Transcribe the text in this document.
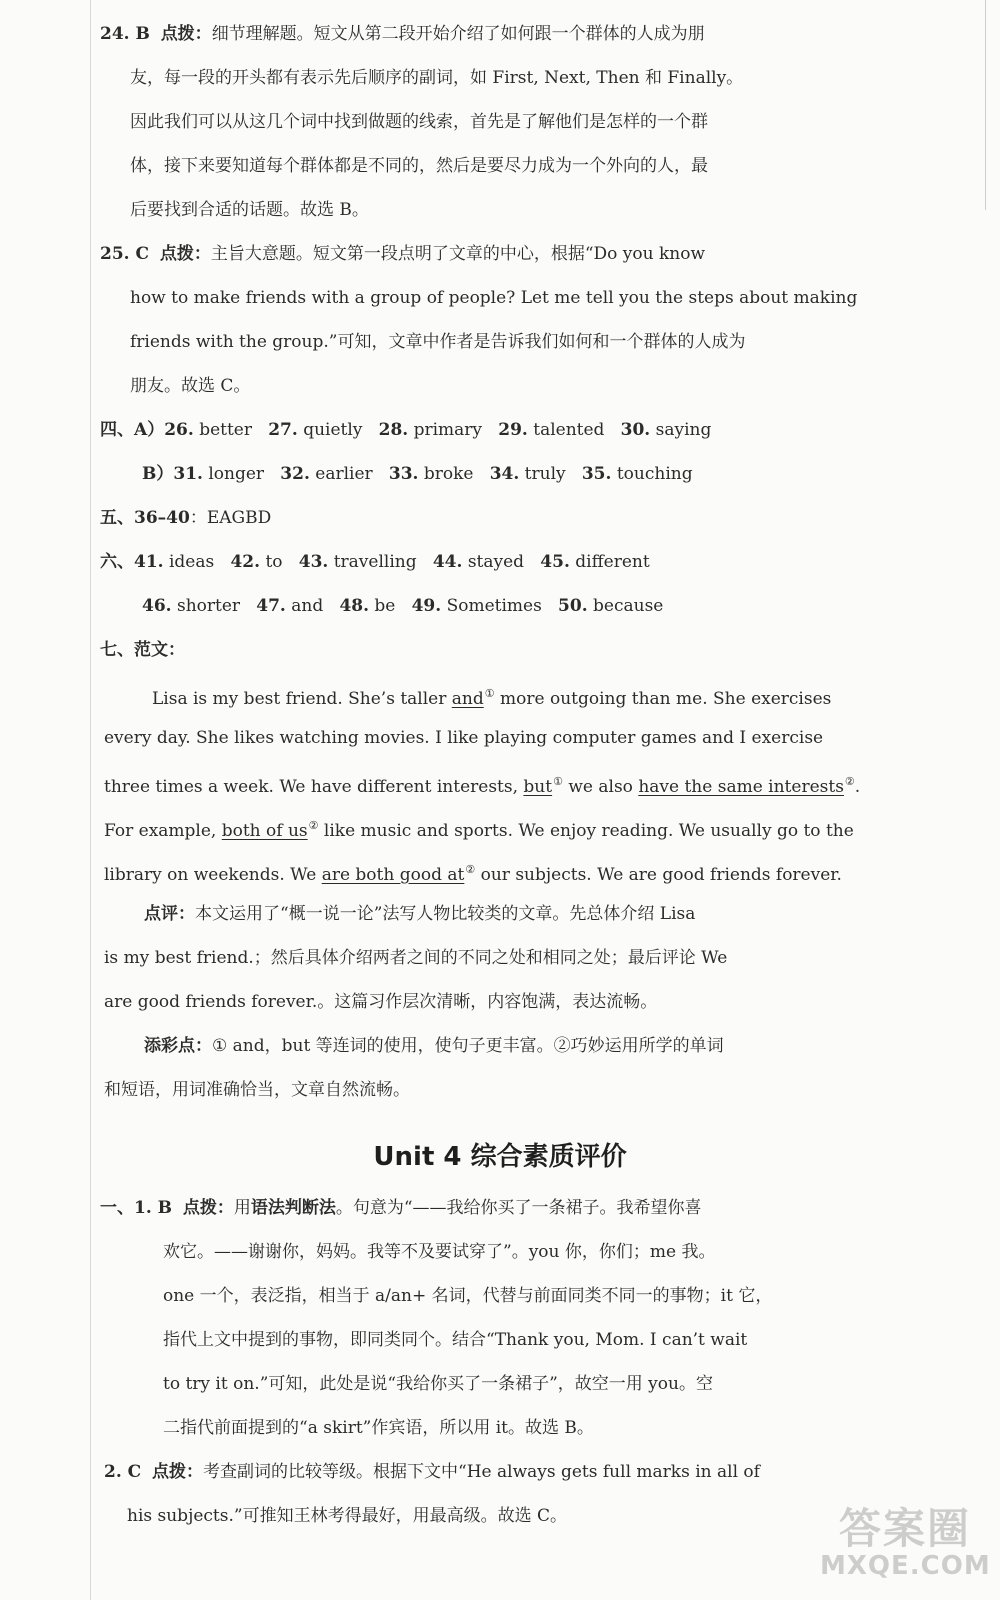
24. B 点拨：细节理解题。短文从第二段开始介绍了如何跟一个群体的人成为朋
友，每一段的开头都有表示先后顺序的副词，如 First, Next, Then 和 Finally。
因此我们可以从这几个词中找到做题的线索，首先是了解他们是怎样的一个群
体，接下来要知道每个群体都是不同的，然后是要尽力成为一个外向的人，最
后要找到合适的话题。故选 B。
25. C 点拨：主旨大意题。短文第一段点明了文章的中心，根据“Do you know
how to make friends with a group of people? Let me tell you the steps about making
friends with the group.”可知，文章中作者是告诉我们如何和一个群体的人成为
朋友。故选 C。
四、A）26. better 27. quietly 28. primary 29. talented 30. saying
B）31. longer 32. earlier 33. broke 34. truly 35. touching
五、36–40：EAGBD
六、41. ideas 42. to 43. travelling 44. stayed 45. different
46. shorter 47. and 48. be 49. Sometimes 50. because
七、范文：
Lisa is my best friend. She’s taller and① more outgoing than me. She exercises
every day. She likes watching movies. I like playing computer games and I exercise
three times a week. We have different interests, but① we also have the same interests②.
For example, both of us② like music and sports. We enjoy reading. We usually go to the
library on weekends. We are both good at② our subjects. We are good friends forever.
点评：本文运用了“概一说一论”法写人物比较类的文章。先总体介绍 Lisa
is my best friend.；然后具体介绍两者之间的不同之处和相同之处；最后评论 We
are good friends forever.。这篇习作层次清晰，内容饱满，表达流畅。
添彩点：① and，but 等连词的使用，使句子更丰富。②巧妙运用所学的单词
和短语，用词准确恰当，文章自然流畅。
Unit 4 综合素质评价
一、1. B 点拨：用语法判断法。句意为“——我给你买了一条裙子。我希望你喜
欢它。——谢谢你，妈妈。我等不及要试穿了”。you 你，你们；me 我。
one 一个，表泛指，相当于 a/an+ 名词，代替与前面同类不同一的事物；it 它，
指代上文中提到的事物，即同类同个。结合“Thank you, Mom. I can’t wait
to try it on.”可知，此处是说“我给你买了一条裙子”，故空一用 you。空
二指代前面提到的“a skirt”作宾语，所以用 it。故选 B。
2. C 点拨：考查副词的比较等级。根据下文中“He always gets full marks in all of
his subjects.”可推知王林考得最好，用最高级。故选 C。	答案圈
MXQE.COM
